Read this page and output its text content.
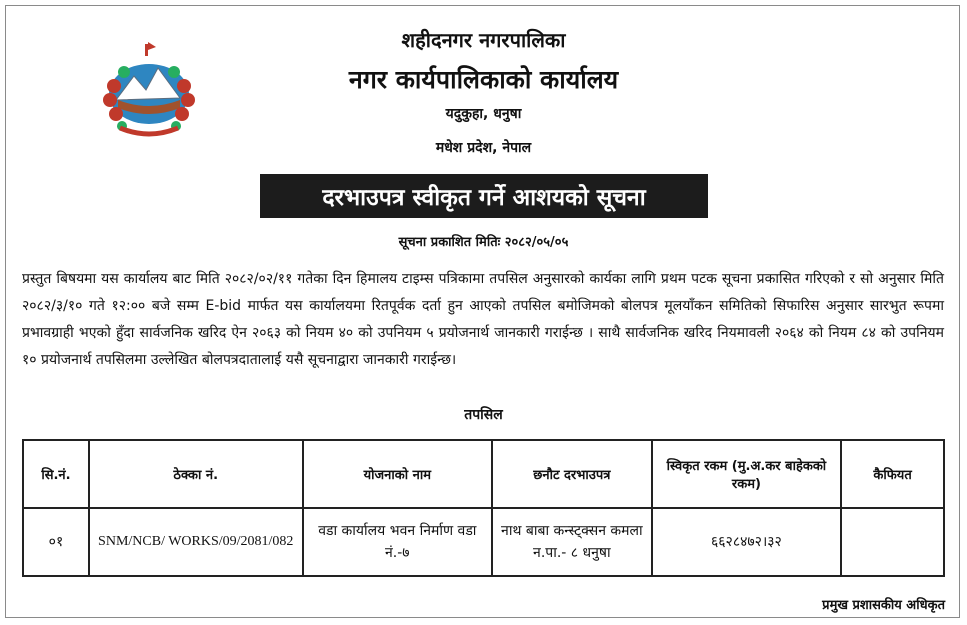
शहीदनगर नगरपालिका
नगर कार्यपालिकाको कार्यालय
यदुकुहा, धनुषा
मधेश प्रदेश, नेपाल
दरभाउपत्र स्वीकृत गर्ने आशयको सूचना
सूचना प्रकाशित मितिः २०८२/०५/०५
प्रस्तुत बिषयमा यस कार्यालय बाट मिति २०८२/०२/११ गतेका दिन हिमालय टाइम्स पत्रिकामा तपसिल अनुसारको कार्यका लागि प्रथम पटक सूचना प्रकासित गरिएको र सो अनुसार मिति २०८२/३/१० गते १२:०० बजे सम्म E-bid मार्फत यस कार्यालयमा रितपूर्वक दर्ता हुन आएको तपसिल बमोजिमको बोलपत्र मूलयाँकन समितिको सिफारिस अनुसार सारभुत रूपमा प्रभावग्राही भएको हुँदा सार्वजनिक खरिद ऐन २०६३ को नियम ४० को उपनियम ५ प्रयोजनार्थ जानकारी गराईन्छ । साथै सार्वजनिक खरिद नियमावली २०६४ को नियम ८४ को उपनियम १० प्रयोजनार्थ तपसिलमा उल्लेखित बोलपत्रदातालाई यसै सूचनाद्वारा जानकारी गराईन्छ।
तपसिल
सि.नं.	ठेक्का नं.	योजनाको नाम	छनौट दरभाउपत्र	स्विकृत रकम (मु.अ.कर बाहेकको रकम)	कैफियत
०१	SNM/NCB/ WORKS/09/2081/082	वडा कार्यालय भवन निर्माण वडा नं.-७	नाथ बाबा कन्स्ट्क्सन कमला न.पा.- ८ धनुषा	६६२८४७२।३२	
प्रमुख प्रशासकीय अधिकृत
